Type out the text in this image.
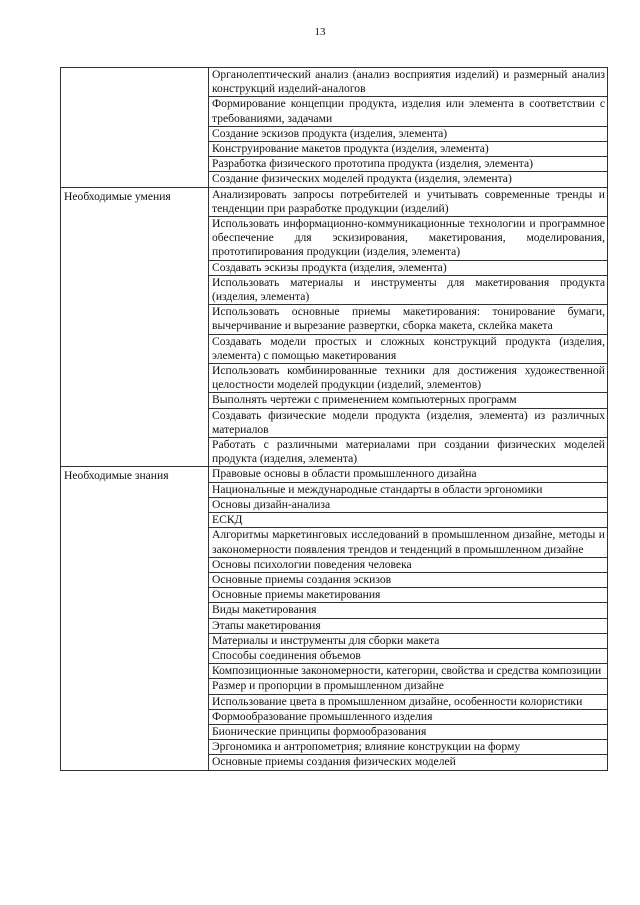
13
	Органолептический анализ (анализ восприятия изделий) и размерный анализ конструкций изделий-аналогов
	Формирование концепции продукта, изделия или элемента в соответствии с требованиями, задачами
	Создание эскизов продукта (изделия, элемента)
	Конструирование макетов продукта (изделия, элемента)
	Разработка физического прототипа продукта (изделия, элемента)
	Создание физических моделей продукта (изделия, элемента)
Необходимые умения	Анализировать запросы потребителей и учитывать современные тренды и тенденции при разработке продукции (изделий)
	Использовать информационно-коммуникационные технологии и программное обеспечение для эскизирования, макетирования, моделирования, прототипирования продукции (изделия, элемента)
	Создавать эскизы продукта (изделия, элемента)
	Использовать материалы и инструменты для макетирования продукта (изделия, элемента)
	Использовать основные приемы макетирования: тонирование бумаги, вычерчивание и вырезание развертки, сборка макета, склейка макета
	Создавать модели простых и сложных конструкций продукта (изделия, элемента) с помощью макетирования
	Использовать комбинированные техники для достижения художественной целостности моделей продукции (изделий, элементов)
	Выполнять чертежи с применением компьютерных программ
	Создавать физические модели продукта (изделия, элемента) из различных материалов
	Работать с различными материалами при создании физических моделей продукта (изделия, элемента)
Необходимые знания	Правовые основы в области промышленного дизайна
	Национальные и международные стандарты в области эргономики
	Основы дизайн-анализа
	ЕСКД
	Алгоритмы маркетинговых исследований в промышленном дизайне, методы и закономерности появления трендов и тенденций в промышленном дизайне
	Основы психологии поведения человека
	Основные приемы создания эскизов
	Основные приемы макетирования
	Виды макетирования
	Этапы макетирования
	Материалы и инструменты для сборки макета
	Способы соединения объемов
	Композиционные закономерности, категории, свойства и средства композиции
	Размер и пропорции в промышленном дизайне
	Использование цвета в промышленном дизайне, особенности колористики
	Формообразование промышленного изделия
	Бионические принципы формообразования
	Эргономика и антропометрия; влияние конструкции на форму
	Основные приемы создания физических моделей
